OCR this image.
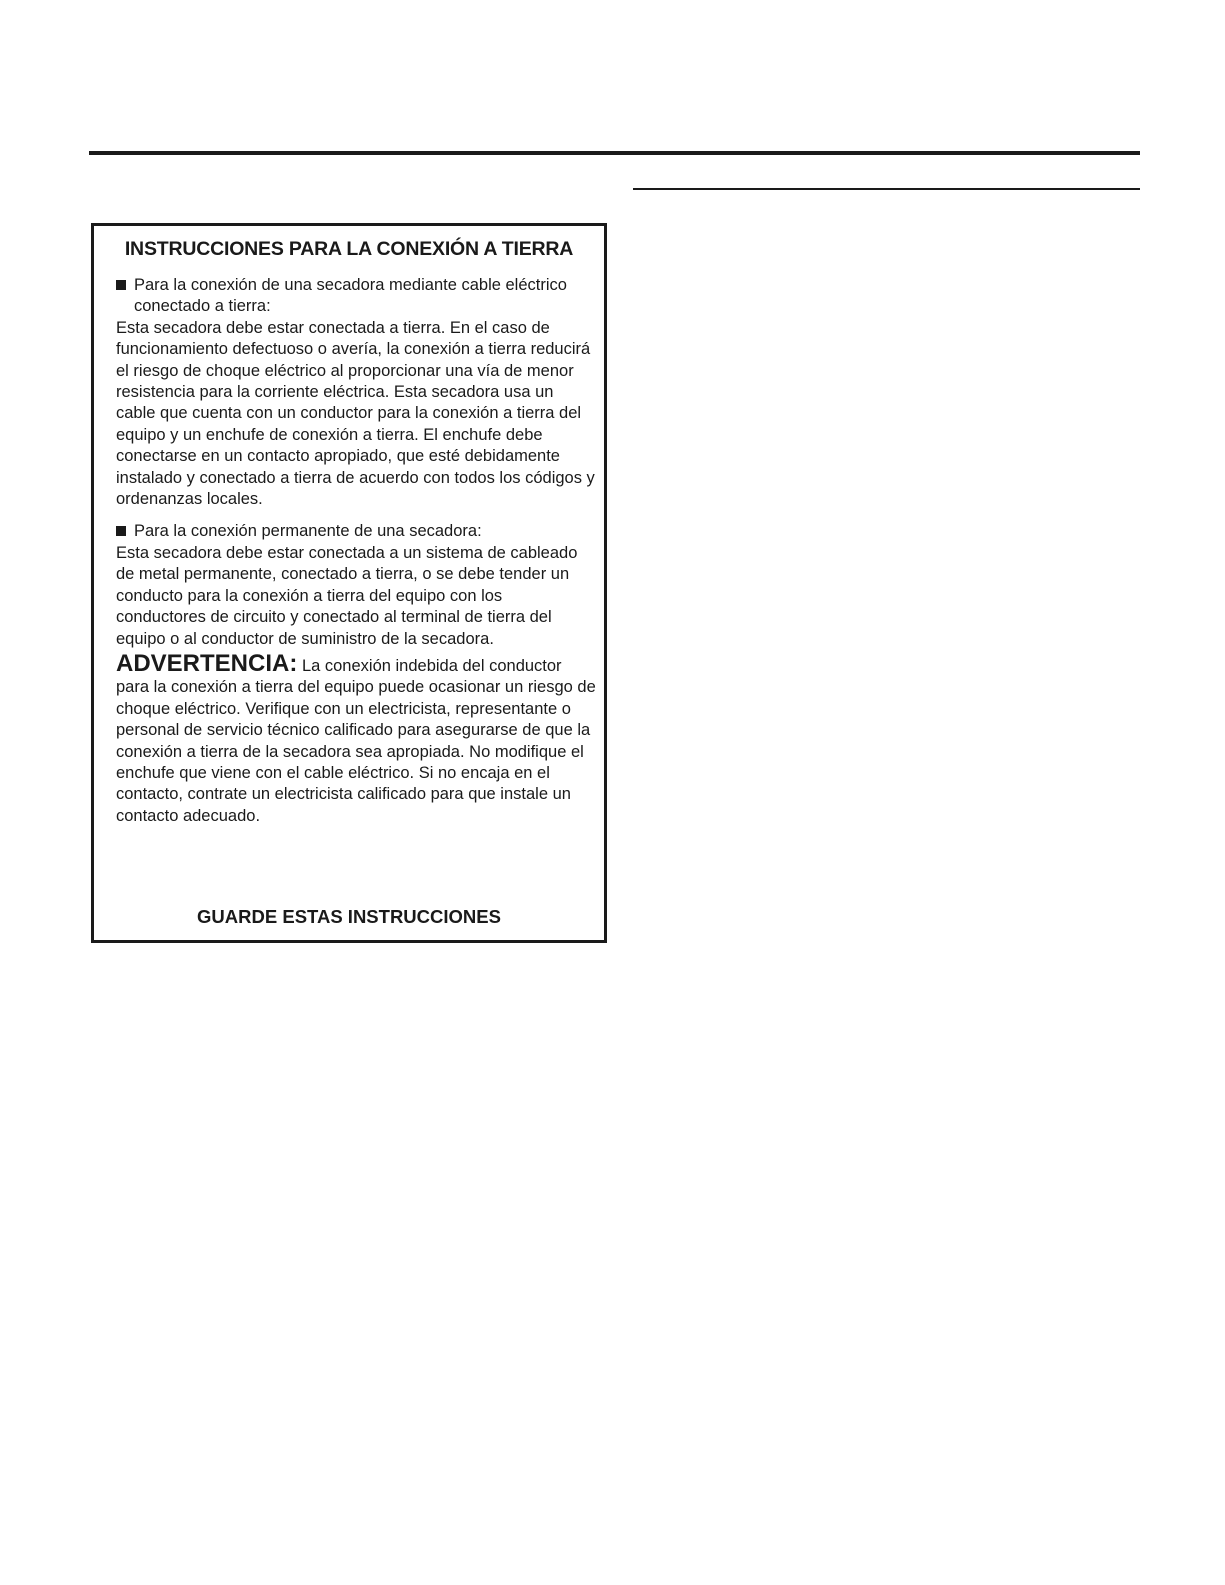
INSTRUCCIONES PARA LA CONEXIÓN A TIERRA
Para la conexión de una secadora mediante cable eléctrico conectado a tierra:

Esta secadora debe estar conectada a tierra. En el caso de funcionamiento defectuoso o avería, la conexión a tierra reducirá el riesgo de choque eléctrico al proporcionar una vía de menor resistencia para la corriente eléctrica. Esta secadora usa un cable que cuenta con un conductor para la conexión a tierra del equipo y un enchufe de conexión a tierra. El enchufe debe conectarse en un contacto apropiado, que esté debidamente instalado y conectado a tierra de acuerdo con todos los códigos y ordenanzas locales.

Para la conexión permanente de una secadora:

Esta secadora debe estar conectada a un sistema de cableado de metal permanente, conectado a tierra, o se debe tender un conducto para la conexión a tierra del equipo con los conductores de circuito y conectado al terminal de tierra del equipo o al conductor de suministro de la secadora.

ADVERTENCIA: La conexión indebida del conductor para la conexión a tierra del equipo puede ocasionar un riesgo de choque eléctrico. Verifique con un electricista, representante o personal de servicio técnico calificado para asegurarse de que la conexión a tierra de la secadora sea apropiada. No modifique el enchufe que viene con el cable eléctrico. Si no encaja en el contacto, contrate un electricista calificado para que instale un contacto adecuado.

GUARDE ESTAS INSTRUCCIONES
